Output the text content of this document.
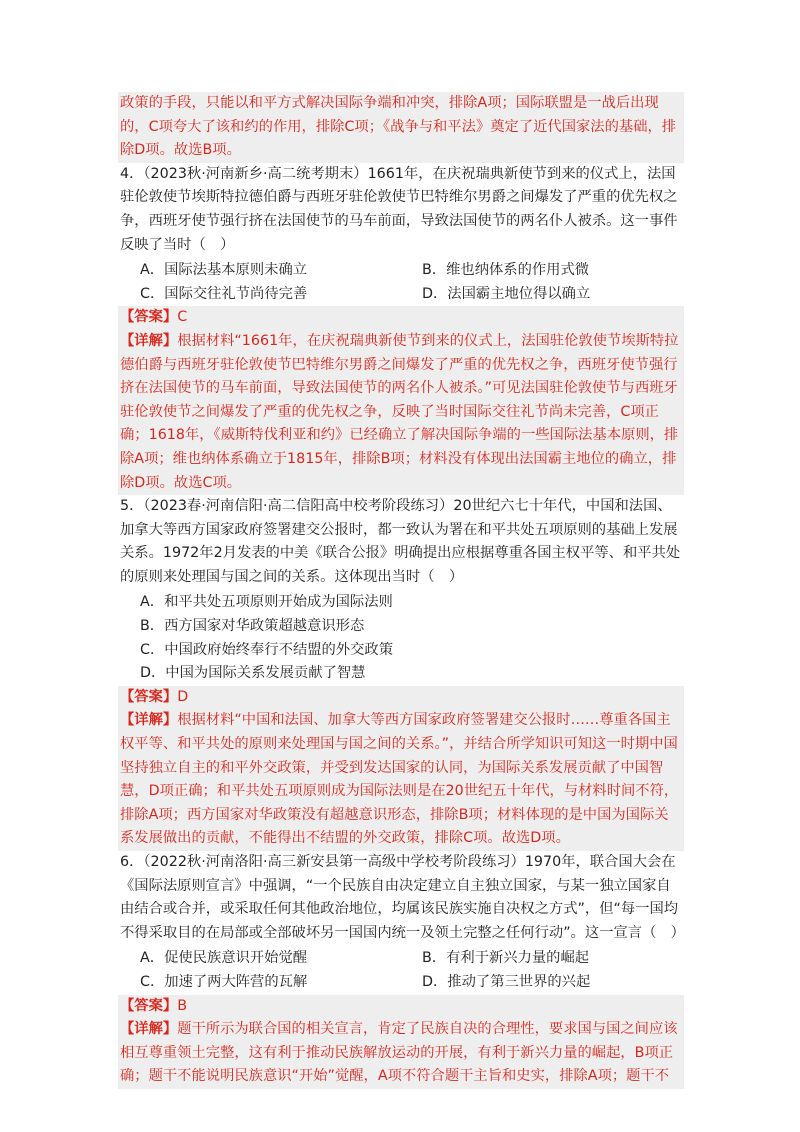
政策的手段，只能以和平方式解决国际争端和冲突，排除A项；国际联盟是一战后出现的，C项夸大了该和约的作用，排除C项；《战争与和平法》奠定了近代国家法的基础，排除D项。故选B项。

4．（2023秋·河南新乡·高二统考期末）1661年，在庆祝瑞典新使节到来的仪式上，法国驻伦敦使节埃斯特拉德伯爵与西班牙驻伦敦使节巴特维尔男爵之间爆发了严重的优先权之争，西班牙使节强行挤在法国使节的马车前面，导致法国使节的两名仆人被杀。这一事件反映了当时（　）

A．国际法基本原则未确立	B．维也纳体系的作用式微
C．国际交往礼节尚待完善	D．法国霸主地位得以确立
【答案】C
【详解】根据材料“1661年，在庆祝瑞典新使节到来的仪式上，法国驻伦敦使节埃斯特拉德伯爵与西班牙驻伦敦使节巴特维尔男爵之间爆发了严重的优先权之争，西班牙使节强行挤在法国使节的马车前面，导致法国使节的两名仆人被杀。”可见法国驻伦敦使节与西班牙驻伦敦使节之间爆发了严重的优先权之争，反映了当时国际交往礼节尚未完善，C项正确；1618年，《威斯特伐利亚和约》已经确立了解决国际争端的一些国际法基本原则，排除A项；维也纳体系确立于1815年，排除B项；材料没有体现出法国霸主地位的确立，排除D项。故选C项。

5．（2023春·河南信阳·高二信阳高中校考阶段练习）20世纪六七十年代，中国和法国、加拿大等西方国家政府签署建交公报时，都一致认为署在和平共处五项原则的基础上发展关系。1972年2月发表的中美《联合公报》明确提出应根据尊重各国主权平等、和平共处的原则来处理国与国之间的关系。这体现出当时（　）

A．和平共处五项原则开始成为国际法则
B．西方国家对华政策超越意识形态
C．中国政府始终奉行不结盟的外交政策
D．中国为国际关系发展贡献了智慧
【答案】D
【详解】根据材料“中国和法国、加拿大等西方国家政府签署建交公报时……尊重各国主权平等、和平共处的原则来处理国与国之间的关系。”，并结合所学知识可知这一时期中国坚持独立自主的和平外交政策，并受到发达国家的认同，为国际关系发展贡献了中国智慧，D项正确；和平共处五项原则成为国际法则是在20世纪五十年代，与材料时间不符，排除A项；西方国家对华政策没有超越意识形态，排除B项；材料体现的是中国为国际关系发展做出的贡献，不能得出不结盟的外交政策，排除C项。故选D项。

6．（2022秋·河南洛阳·高三新安县第一高级中学校考阶段练习）1970年，联合国大会在《国际法原则宣言》中强调，“一个民族自由决定建立自主独立国家，与某一独立国家自由结合或合并，或采取任何其他政治地位，均属该民族实施自决权之方式”，但“每一国均不得采取目的在局部或全部破坏另一国国内统一及领土完整之任何行动”。这一宣言（　）

A．促使民族意识开始觉醒	B．有利于新兴力量的崛起
C．加速了两大阵营的瓦解	D．推动了第三世界的兴起
【答案】B
【详解】题干所示为联合国的相关宣言，肯定了民族自决的合理性，要求国与国之间应该相互尊重领土完整，这有利于推动民族解放运动的开展，有利于新兴力量的崛起，B项正确；题干不能说明民族意识“开始”觉醒，A项不符合题干主旨和史实，排除A项；题干不
